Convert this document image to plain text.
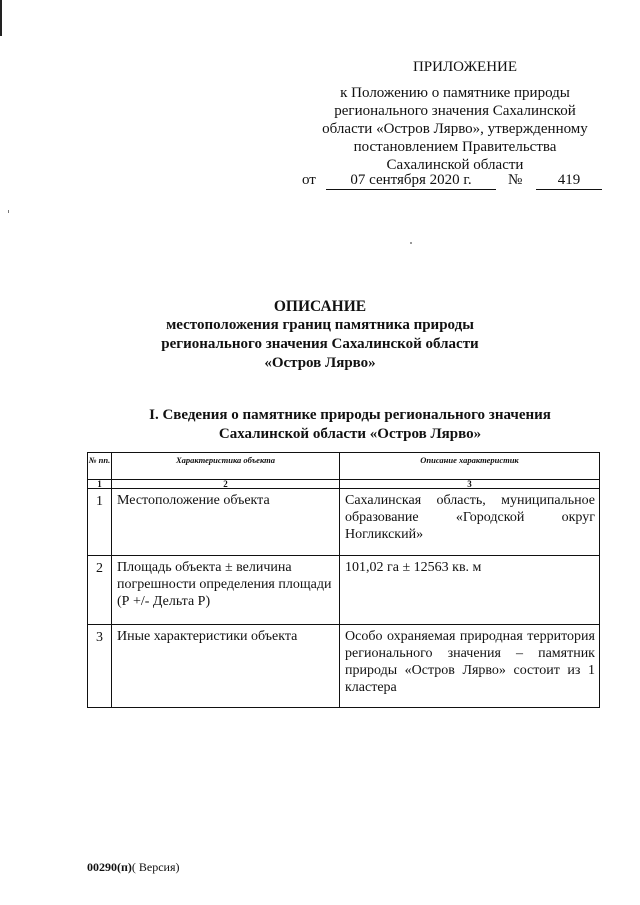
ПРИЛОЖЕНИЕ
к Положению о памятнике природы
регионального значения Сахалинской
области «Остров Лярво», утвержденному
постановлением Правительства
Сахалинской области
от	07 сентября 2020 г.	№	419
ОПИСАНИЕ
местоположения границ памятника природы
регионального значения Сахалинской области
«Остров Лярво»
I. Сведения о памятнике природы регионального значения
Сахалинской области «Остров Лярво»
№ пп.	Характеристика объекта	Описание характеристик
1	2	3
1	Местоположение объекта	Сахалинская область, муниципальное образование «Городской округ Ногликский»
2	Площадь объекта ± величина погрешности определения площади (Р +/- Дельта Р)	101,02 га ± 12563 кв. м
3	Иные характеристики объекта	Особо охраняемая природная территория регионального значения – памятник природы «Остров Лярво» состоит из 1 кластера
00290(п)( Версия)
